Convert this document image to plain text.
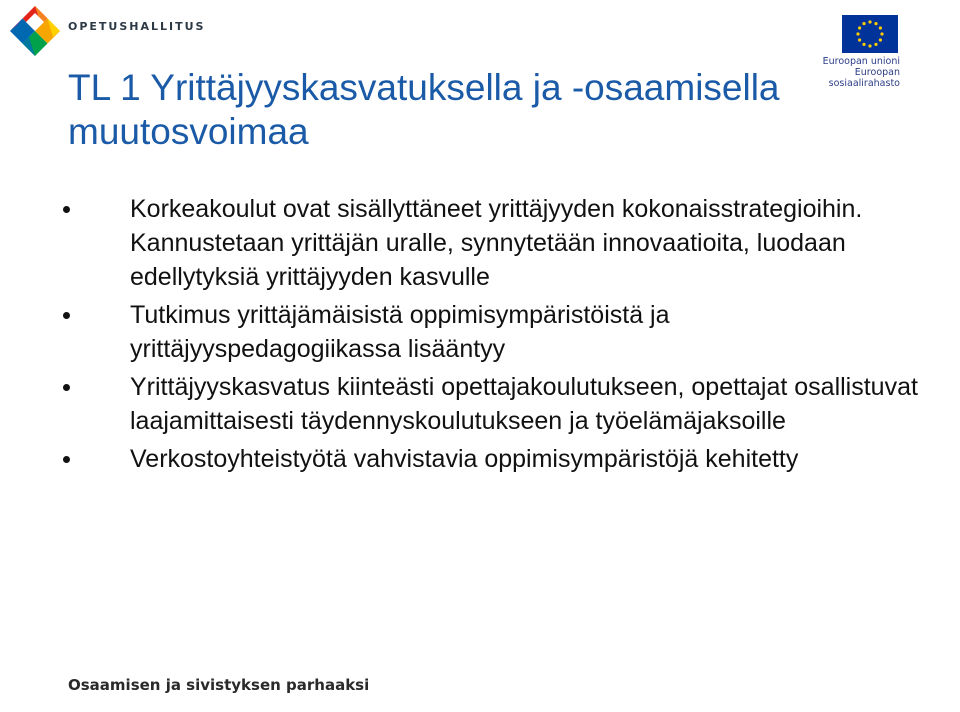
OPETUSHALLITUS
Euroopan unioni
Euroopan sosiaalirahasto
TL 1 Yrittäjyyskasvatuksella ja -osaamisella muutosvoimaa
Korkeakoulut ovat sisällyttäneet yrittäjyyden kokonaisstrategioihin. Kannustetaan yrittäjän uralle, synnytetään innovaatioita, luodaan edellytyksiä yrittäjyyden kasvulle
Tutkimus yrittäjämäisistä oppimisympäristöistä ja yrittäjyyspedagogiikassa lisääntyy
Yrittäjyyskasvatus kiinteästi opettajakoulutukseen, opettajat osallistuvat laajamittaisesti täydennyskoulutukseen ja työelämäjaksoille
Verkostoyhteistyötä vahvistavia oppimisympäristöjä kehitetty
Osaamisen ja sivistyksen parhaaksi
